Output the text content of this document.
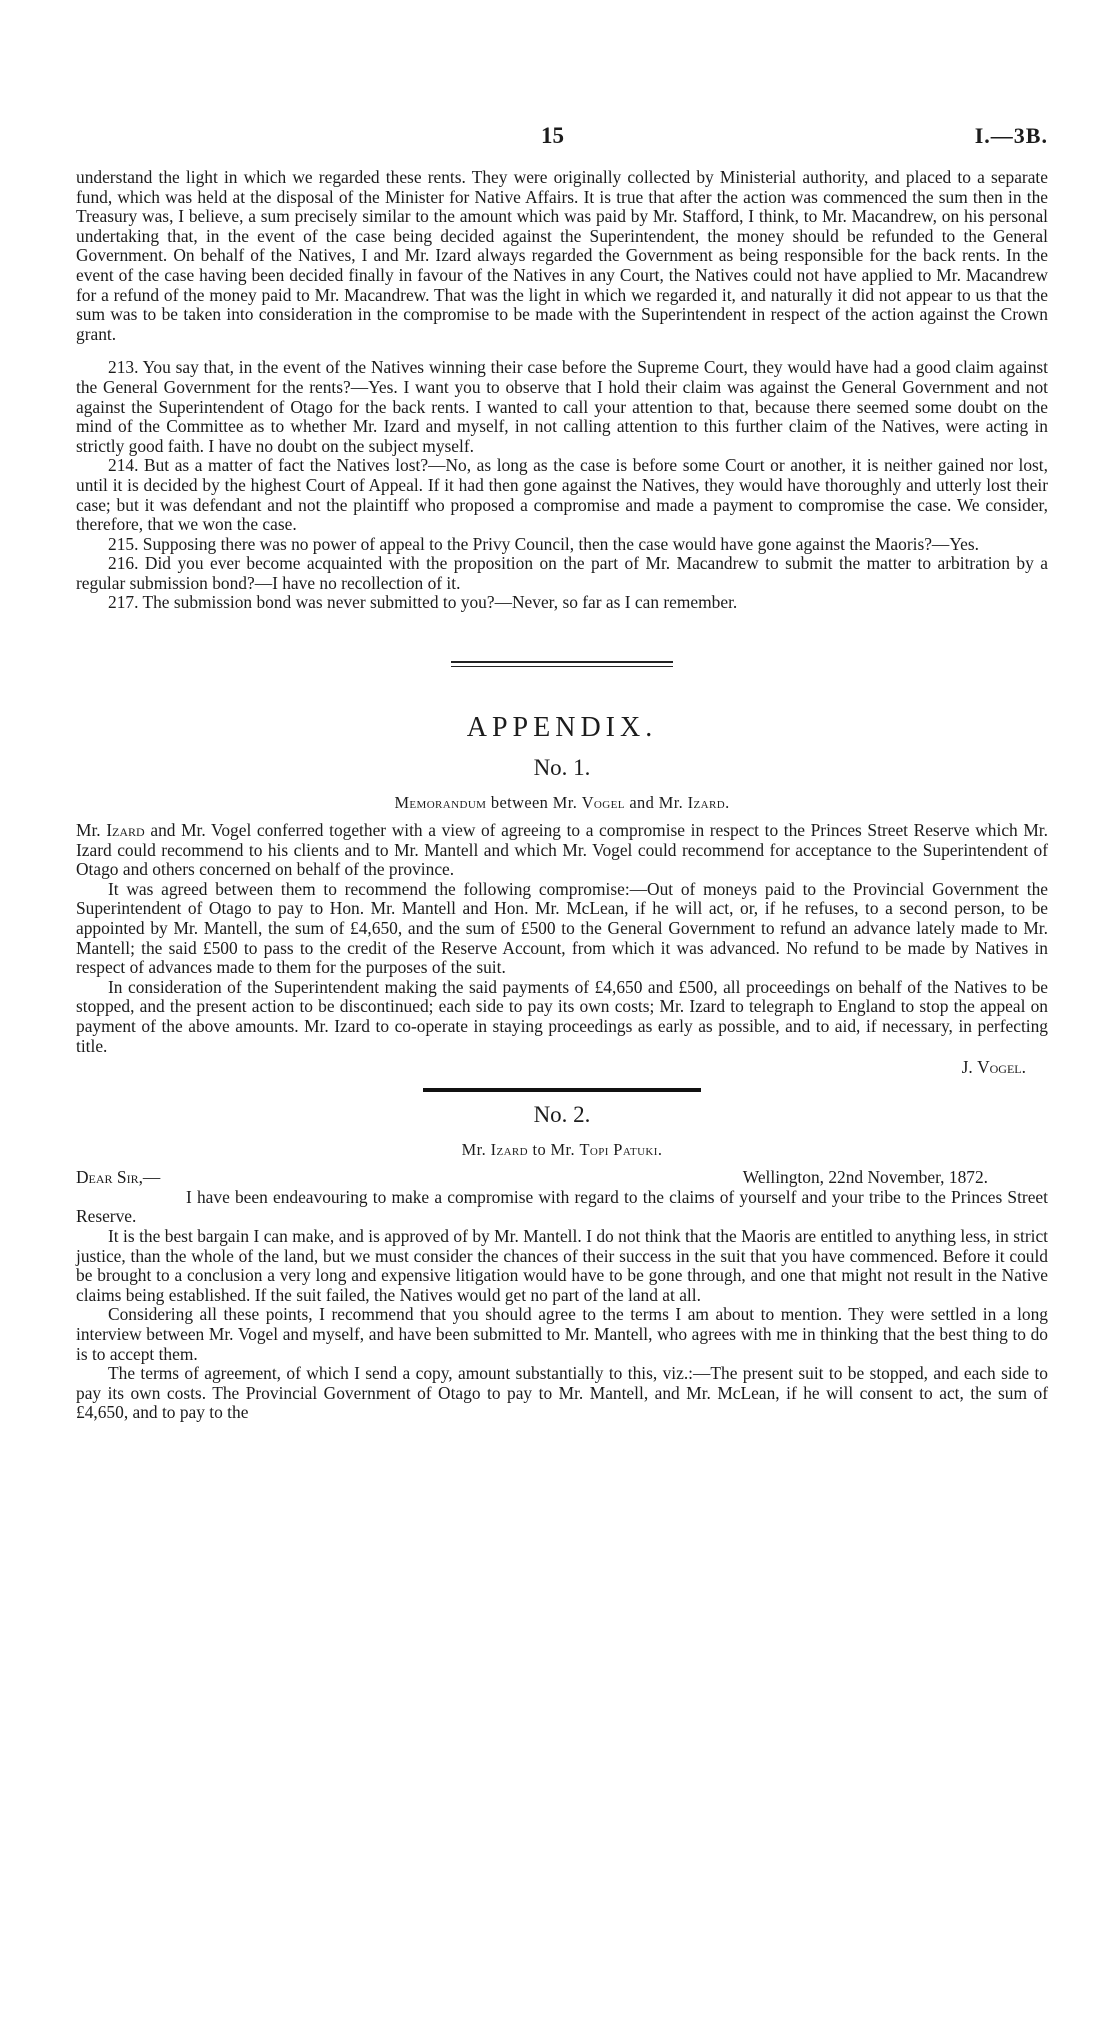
15	I.—3B.

understand the light in which we regarded these rents. They were originally collected by Ministerial authority, and placed to a separate fund, which was held at the disposal of the Minister for Native Affairs. It is true that after the action was commenced the sum then in the Treasury was, I believe, a sum precisely similar to the amount which was paid by Mr. Stafford, I think, to Mr. Macandrew, on his personal undertaking that, in the event of the case being decided against the Superintendent, the money should be refunded to the General Government. On behalf of the Natives, I and Mr. Izard always regarded the Government as being responsible for the back rents. In the event of the case having been decided finally in favour of the Natives in any Court, the Natives could not have applied to Mr. Macandrew for a refund of the money paid to Mr. Macandrew. That was the light in which we regarded it, and naturally it did not appear to us that the sum was to be taken into consideration in the compromise to be made with the Superintendent in respect of the action against the Crown grant.

213. You say that, in the event of the Natives winning their case before the Supreme Court, they would have had a good claim against the General Government for the rents?—Yes. I want you to observe that I hold their claim was against the General Government and not against the Superintendent of Otago for the back rents. I wanted to call your attention to that, because there seemed some doubt on the mind of the Committee as to whether Mr. Izard and myself, in not calling attention to this further claim of the Natives, were acting in strictly good faith. I have no doubt on the subject myself.

214. But as a matter of fact the Natives lost?—No, as long as the case is before some Court or another, it is neither gained nor lost, until it is decided by the highest Court of Appeal. If it had then gone against the Natives, they would have thoroughly and utterly lost their case; but it was defendant and not the plaintiff who proposed a compromise and made a payment to compromise the case. We consider, therefore, that we won the case.

215. Supposing there was no power of appeal to the Privy Council, then the case would have gone against the Maoris?—Yes.

216. Did you ever become acquainted with the proposition on the part of Mr. Macandrew to submit the matter to arbitration by a regular submission bond?—I have no recollection of it.

217. The submission bond was never submitted to you?—Never, so far as I can remember.

APPENDIX.
No. 1.
Memorandum between Mr. Vogel and Mr. Izard.

Mr. Izard and Mr. Vogel conferred together with a view of agreeing to a compromise in respect to the Princes Street Reserve which Mr. Izard could recommend to his clients and to Mr. Mantell and which Mr. Vogel could recommend for acceptance to the Superintendent of Otago and others concerned on behalf of the province.

It was agreed between them to recommend the following compromise:—Out of moneys paid to the Provincial Government the Superintendent of Otago to pay to Hon. Mr. Mantell and Hon. Mr. McLean, if he will act, or, if he refuses, to a second person, to be appointed by Mr. Mantell, the sum of £4,650, and the sum of £500 to the General Government to refund an advance lately made to Mr. Mantell; the said £500 to pass to the credit of the Reserve Account, from which it was advanced. No refund to be made by Natives in respect of advances made to them for the purposes of the suit.

In consideration of the Superintendent making the said payments of £4,650 and £500, all proceedings on behalf of the Natives to be stopped, and the present action to be discontinued; each side to pay its own costs; Mr. Izard to telegraph to England to stop the appeal on payment of the above amounts. Mr. Izard to co-operate in staying proceedings as early as possible, and to aid, if necessary, in perfecting title.

J. Vogel.
No. 2.
Mr. Izard to Mr. Topi Patuki.
Dear Sir,—	Wellington, 22nd November, 1872.

I have been endeavouring to make a compromise with regard to the claims of yourself and your tribe to the Princes Street Reserve.

It is the best bargain I can make, and is approved of by Mr. Mantell. I do not think that the Maoris are entitled to anything less, in strict justice, than the whole of the land, but we must consider the chances of their success in the suit that you have commenced. Before it could be brought to a conclusion a very long and expensive litigation would have to be gone through, and one that might not result in the Native claims being established. If the suit failed, the Natives would get no part of the land at all.

Considering all these points, I recommend that you should agree to the terms I am about to mention. They were settled in a long interview between Mr. Vogel and myself, and have been submitted to Mr. Mantell, who agrees with me in thinking that the best thing to do is to accept them.

The terms of agreement, of which I send a copy, amount substantially to this, viz.:—The present suit to be stopped, and each side to pay its own costs. The Provincial Government of Otago to pay to Mr. Mantell, and Mr. McLean, if he will consent to act, the sum of £4,650, and to pay to the
